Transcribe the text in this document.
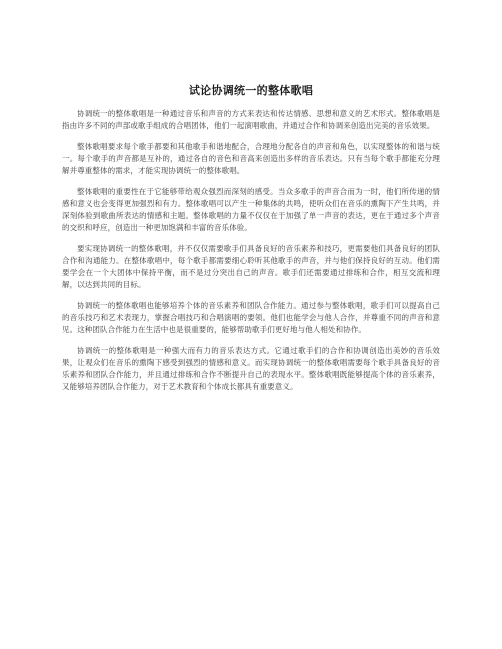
试论协调统一的整体歌唱

协调统一的整体歌唱是一种通过音乐和声音的方式来表达和传达情感、思想和意义的艺术形式。整体歌唱是指由许多不同的声部或歌手组成的合唱团体，他们一起演唱歌曲，并通过合作和协调来创造出完美的音乐效果。

整体歌唱要求每个歌手都要和其他歌手和谐地配合，合理地分配各自的声音和角色，以实现整体的和谐与统一。每个歌手的声音都是互补的，通过各自的音色和音高来创造出多样的音乐表达。只有当每个歌手都能充分理解并尊重整体的需求，才能实现协调统一的整体歌唱。

整体歌唱的重要性在于它能够带给观众强烈而深刻的感受。当众多歌手的声音合而为一时，他们所传递的情感和意义也会变得更加强烈和有力。整体歌唱可以产生一种集体的共鸣，使听众们在音乐的熏陶下产生共鸣，并深刻体验到歌曲所表达的情感和主题。整体歌唱的力量不仅仅在于加强了单一声音的表达，更在于通过多个声音的交织和呼应，创造出一种更加饱满和丰富的音乐体验。

要实现协调统一的整体歌唱，并不仅仅需要歌手们具备良好的音乐素养和技巧，更需要他们具备良好的团队合作和沟通能力。在整体歌唱中，每个歌手都需要细心聆听其他歌手的声音，并与他们保持良好的互动。他们需要学会在一个大团体中保持平衡，而不是过分突出自己的声音。歌手们还需要通过排练和合作，相互交流和理解，以达到共同的目标。

协调统一的整体歌唱也能够培养个体的音乐素养和团队合作能力。通过参与整体歌唱，歌手们可以提高自己的音乐技巧和艺术表现力，掌握合唱技巧和合唱演唱的要领。他们也能学会与他人合作，并尊重不同的声音和意见。这种团队合作能力在生活中也是很重要的，能够帮助歌手们更好地与他人相处和协作。

协调统一的整体歌唱是一种强大而有力的音乐表达方式。它通过歌手们的合作和协调创造出美妙的音乐效果，让观众们在音乐的熏陶下感受到强烈的情感和意义。而实现协调统一的整体歌唱需要每个歌手具备良好的音乐素养和团队合作能力，并且通过排练和合作不断提升自己的表现水平。整体歌唱既能够提高个体的音乐素养，又能够培养团队合作能力，对于艺术教育和个体成长都具有重要意义。
